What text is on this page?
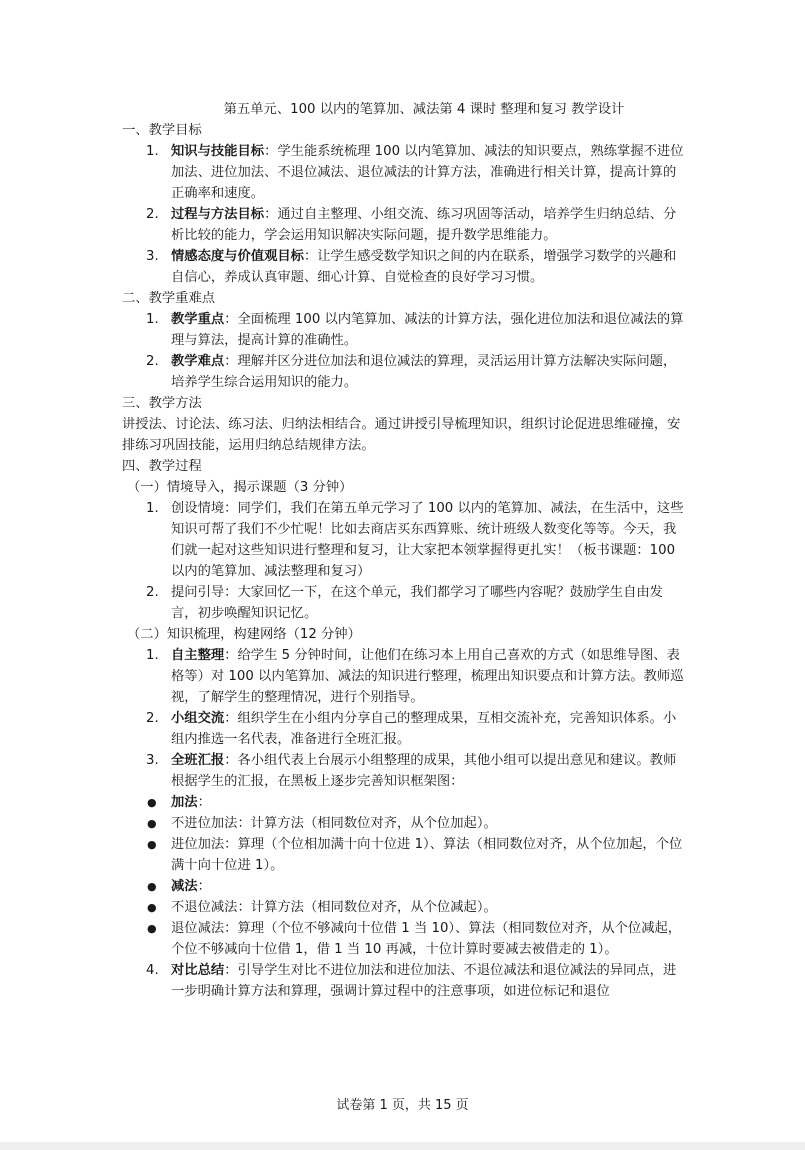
第五单元、100 以内的笔算加、减法第 4 课时 整理和复习 教学设计

一、教学目标

1. 知识与技能目标：学生能系统梳理 100 以内笔算加、减法的知识要点，熟练掌握不进位加法、进位加法、不退位减法、退位减法的计算方法，准确进行相关计算，提高计算的正确率和速度。

2. 过程与方法目标：通过自主整理、小组交流、练习巩固等活动，培养学生归纳总结、分析比较的能力，学会运用知识解决实际问题，提升数学思维能力。

3. 情感态度与价值观目标：让学生感受数学知识之间的内在联系，增强学习数学的兴趣和自信心，养成认真审题、细心计算、自觉检查的良好学习习惯。

二、教学重难点

1. 教学重点：全面梳理 100 以内笔算加、减法的计算方法，强化进位加法和退位减法的算理与算法，提高计算的准确性。

2. 教学难点：理解并区分进位加法和退位减法的算理，灵活运用计算方法解决实际问题，培养学生综合运用知识的能力。

三、教学方法

讲授法、讨论法、练习法、归纳法相结合。通过讲授引导梳理知识，组织讨论促进思维碰撞，安排练习巩固技能，运用归纳总结规律方法。

四、教学过程

（一）情境导入，揭示课题（3 分钟）

1. 创设情境：同学们，我们在第五单元学习了 100 以内的笔算加、减法，在生活中，这些知识可帮了我们不少忙呢！比如去商店买东西算账、统计班级人数变化等等。今天，我们就一起对这些知识进行整理和复习，让大家把本领掌握得更扎实！（板书课题：100 以内的笔算加、减法整理和复习）

2. 提问引导：大家回忆一下，在这个单元，我们都学习了哪些内容呢？鼓励学生自由发言，初步唤醒知识记忆。

（二）知识梳理，构建网络（12 分钟）

1. 自主整理：给学生 5 分钟时间，让他们在练习本上用自己喜欢的方式（如思维导图、表格等）对 100 以内笔算加、减法的知识进行整理，梳理出知识要点和计算方法。教师巡视，了解学生的整理情况，进行个别指导。

2. 小组交流：组织学生在小组内分享自己的整理成果，互相交流补充，完善知识体系。小组内推选一名代表，准备进行全班汇报。

3. 全班汇报：各小组代表上台展示小组整理的成果，其他小组可以提出意见和建议。教师根据学生的汇报，在黑板上逐步完善知识框架图：

● 加法：

● 不进位加法：计算方法（相同数位对齐，从个位加起）。

● 进位加法：算理（个位相加满十向十位进 1）、算法（相同数位对齐，从个位加起，个位满十向十位进 1）。

● 减法：

● 不退位减法：计算方法（相同数位对齐，从个位减起）。

● 退位减法：算理（个位不够减向十位借 1 当 10）、算法（相同数位对齐，从个位减起，个位不够减向十位借 1，借 1 当 10 再减，十位计算时要减去被借走的 1）。

4. 对比总结：引导学生对比不进位加法和进位加法、不退位减法和退位减法的异同点，进一步明确计算方法和算理，强调计算过程中的注意事项，如进位标记和退位

试卷第 1 页，共 15 页
